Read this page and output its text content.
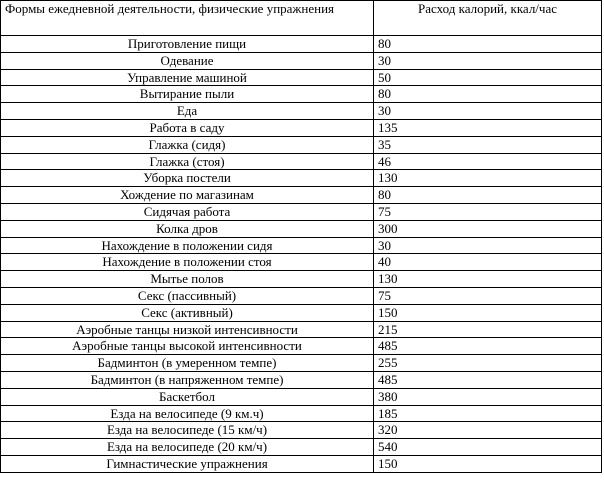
Формы ежедневной деятельности, физические упражнения	Расход калорий, ккал/час
Приготовление пищи	80
Одевание	30
Управление машиной	50
Вытирание пыли	80
Еда	30
Работа в саду	135
Глажка (сидя)	35
Глажка (стоя)	46
Уборка постели	130
Хождение по магазинам	80
Сидячая работа	75
Колка дров	300
Нахождение в положении сидя	30
Нахождение в положении стоя	40
Мытье полов	130
Секс (пассивный)	75
Секс (активный)	150
Аэробные танцы низкой интенсивности	215
Аэробные танцы высокой интенсивности	485
Бадминтон (в умеренном темпе)	255
Бадминтон (в напряженном темпе)	485
Баскетбол	380
Езда на велосипеде (9 км.ч)	185
Езда на велосипеде (15 км/ч)	320
Езда на велосипеде (20 км/ч)	540
Гимнастические упражнения	150
